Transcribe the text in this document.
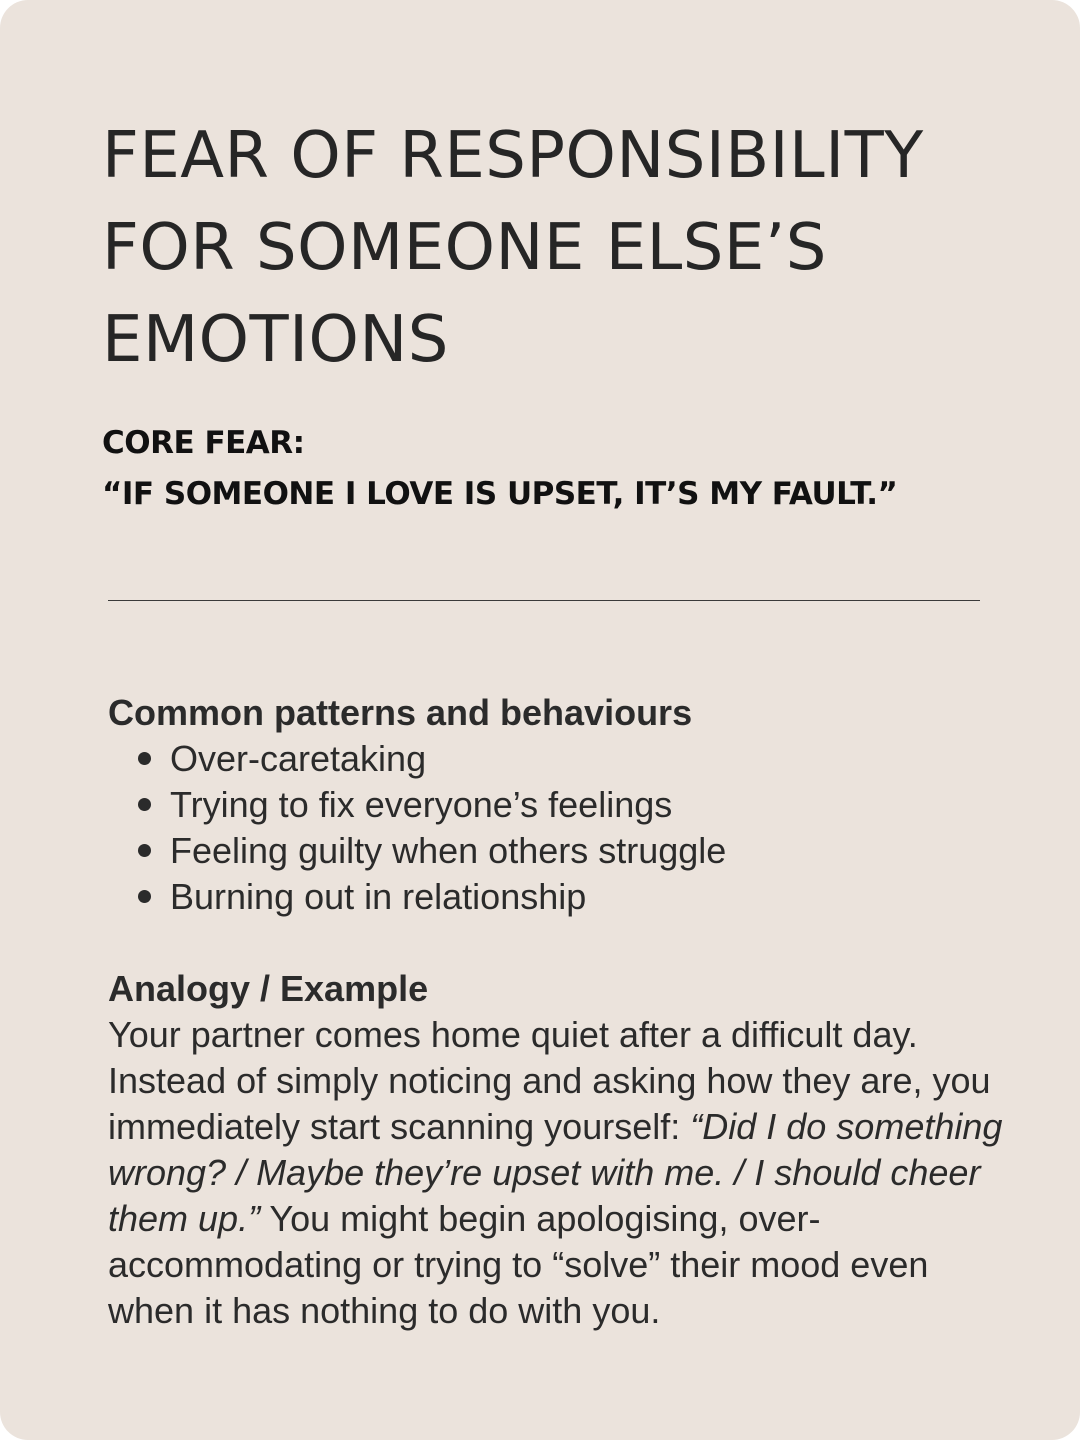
FEAR OF RESPONSIBILITY
FOR SOMEONE ELSE’S
EMOTIONS
CORE FEAR:
“IF SOMEONE I LOVE IS UPSET, IT’S MY FAULT.”
Common patterns and behaviours
Over-caretaking
Trying to fix everyone’s feelings
Feeling guilty when others struggle
Burning out in relationship
Analogy / Example

Your partner comes home quiet after a difficult day. Instead of simply noticing and asking how they are, you immediately start scanning yourself: “Did I do something wrong? / Maybe they’re upset with me. / I should cheer them up.” You might begin apologising, over-accommodating or trying to “solve” their mood even when it has nothing to do with you.
